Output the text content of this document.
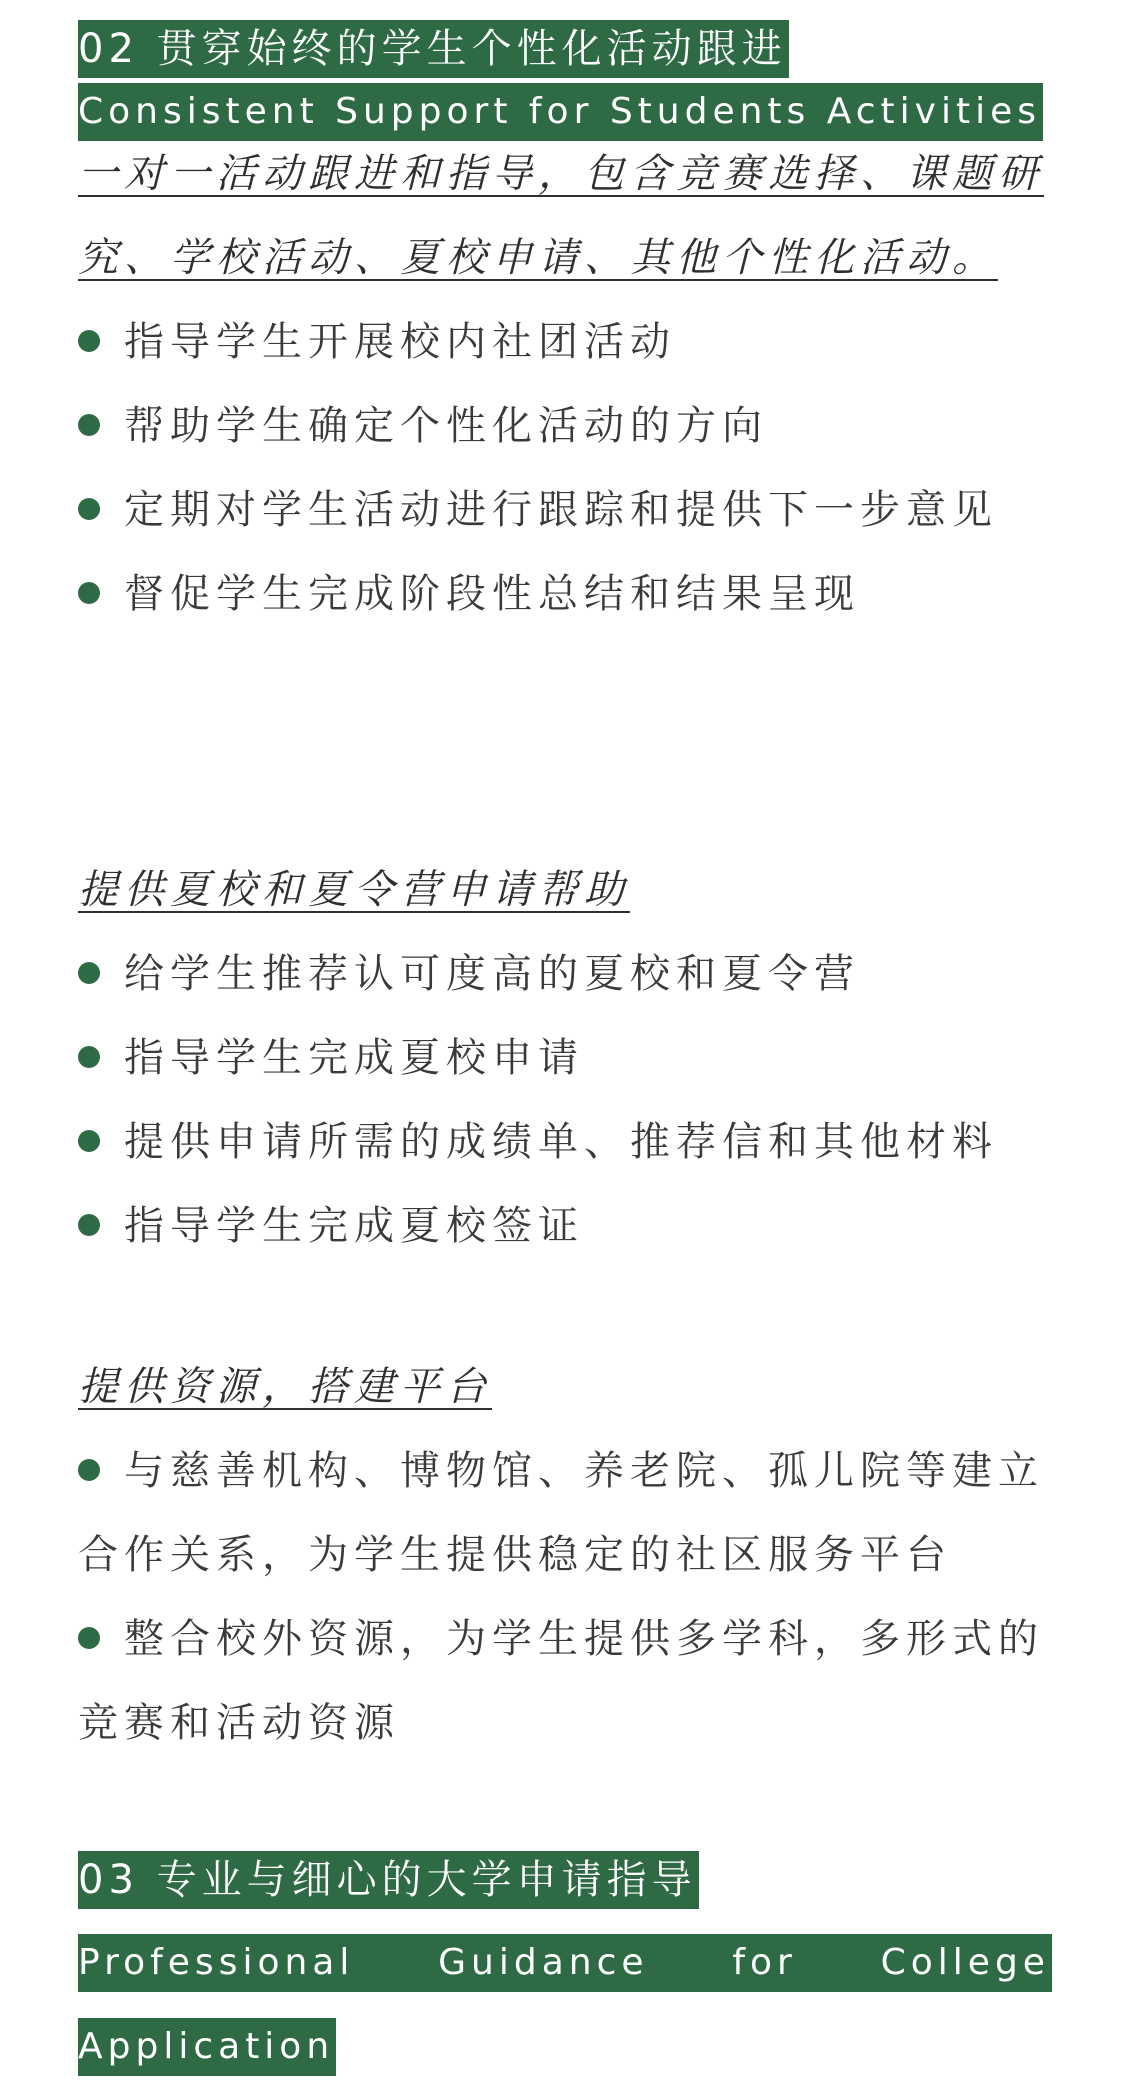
02 贯穿始终的学生个性化活动跟进
Consistent Support for Students Activities
一对一活动跟进和指导，包含竞赛选择、课题研究、学校活动、夏校申请、其他个性化活动。
指导学生开展校内社团活动
帮助学生确定个性化活动的方向
定期对学生活动进行跟踪和提供下一步意见
督促学生完成阶段性总结和结果呈现
提供夏校和夏令营申请帮助
给学生推荐认可度高的夏校和夏令营
指导学生完成夏校申请
提供申请所需的成绩单、推荐信和其他材料
指导学生完成夏校签证
提供资源，搭建平台
与慈善机构、博物馆、养老院、孤儿院等建立合作关系，为学生提供稳定的社区服务平台
整合校外资源，为学生提供多学科，多形式的竞赛和活动资源
03 专业与细心的大学申请指导
Professional Guidance for College
Application
